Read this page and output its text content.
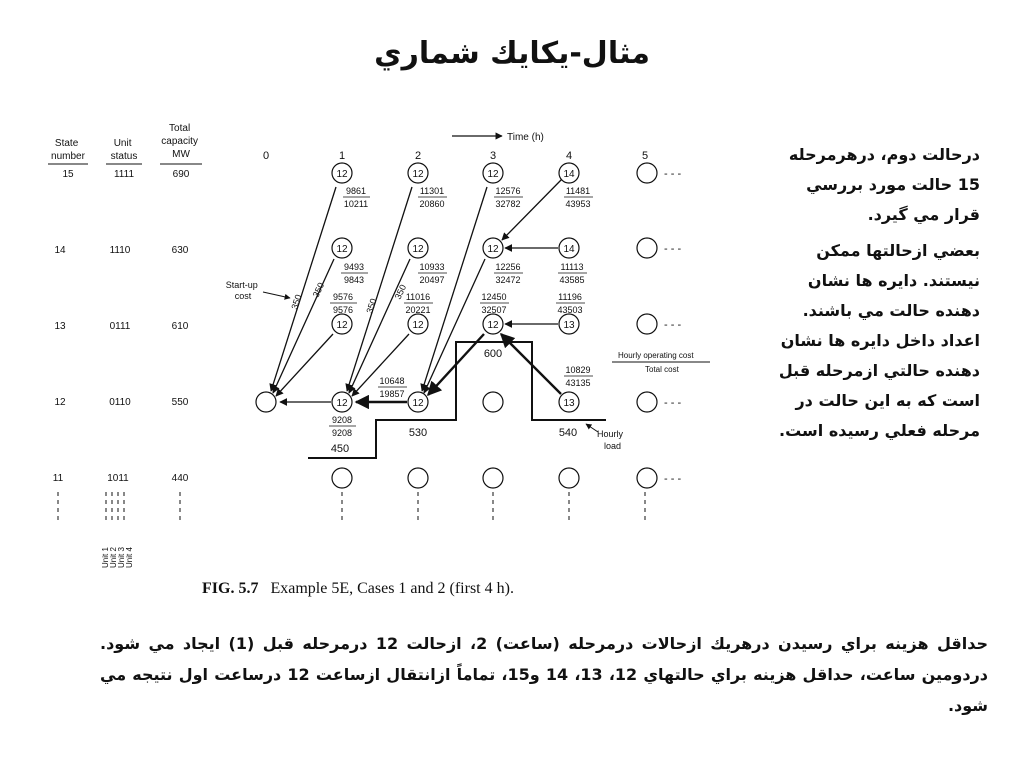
مثال-يكايك شماري
Time (h)
State number
Unit status
Total capacity MW	0	1	2	3	4	5
15	1111	690
14	1110	630
13	0111	610
12	0110	550
11	1011	440
Unit 1 Unit 2 Unit 3 Unit 4
450
530
600
540
Start-up cost	350
350
350
350
Hourly operating cost
Total cost
Hourly load
12	12	12	14
12	12	12	14
12	12	12	13
12	12	13
- - -
- - -
- - -
- - -
- - -
9861
10211
11301
20860
12576
32782
11481
43953
9493
9843
10933
20497
12256
32472
11113
43585
9576
9576
11016
20221
12450
32507
11196
43503
10648
19857
9208
9208
10829
43135
FIG. 5.7 Example 5E, Cases 1 and 2 (first 4 h).

درحالت دوم، درهرمرحله 15 حالت مورد بررسي قرار مي گيرد.

بعضي ازحالتها ممكن نيستند. دايره ها نشان دهنده حالت مي باشند. اعداد داخل دايره ها نشان دهنده حالتي ازمرحله قبل است كه به اين حالت در مرحله فعلي رسيده است.

حداقل هزينه براي رسيدن درهريك ازحالات درمرحله (ساعت) 2، ازحالت 12 درمرحله قبل (1) ايجاد مي شود. دردومين ساعت، حداقل هزينه براي حالتهاي 12، 13، 14 و15، تماماً ازانتقال ازساعت 12 درساعت اول نتيجه مي شود.
